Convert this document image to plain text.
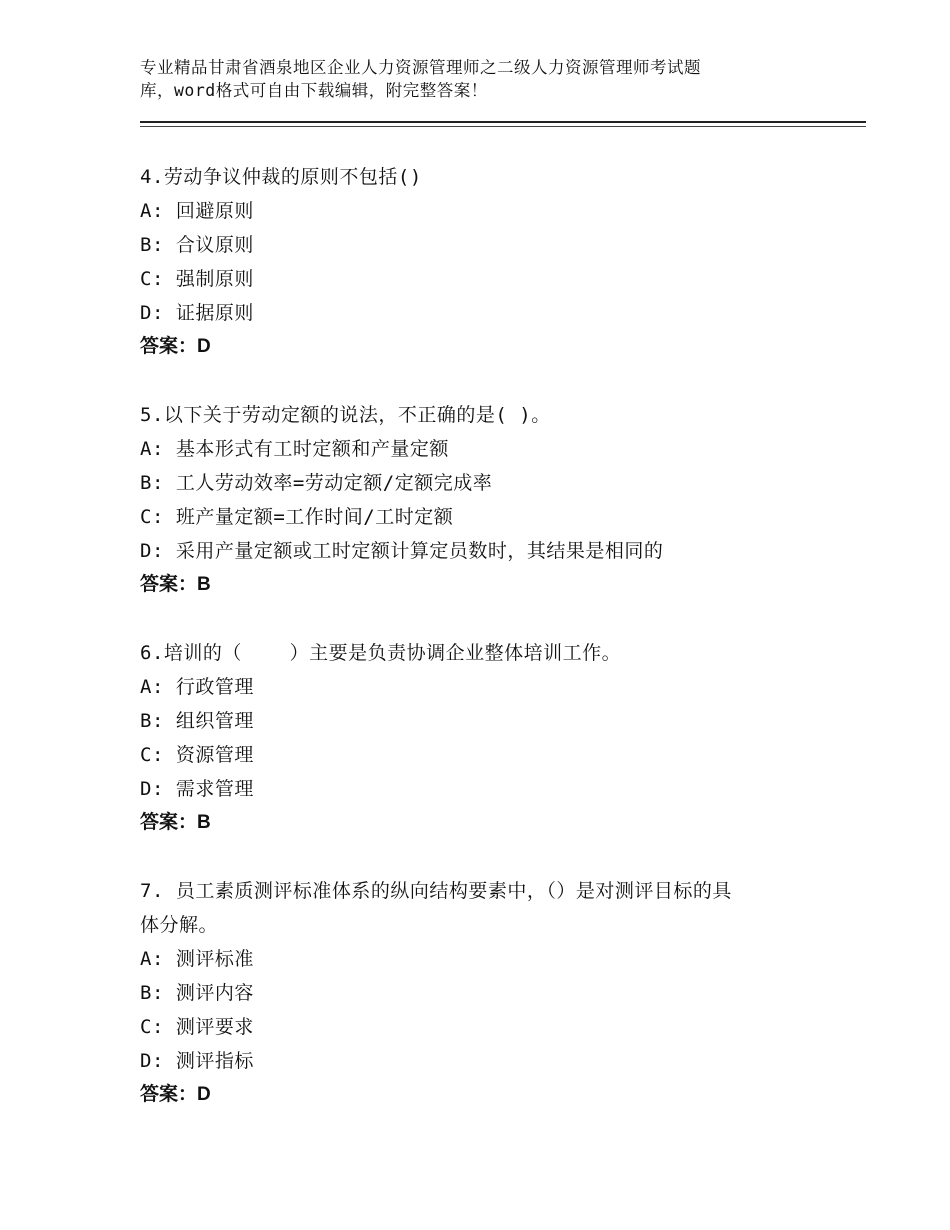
专业精品甘肃省酒泉地区企业人力资源管理师之二级人力资源管理师考试题
库，word格式可自由下载编辑，附完整答案！
4.劳动争议仲裁的原则不包括()
A: 回避原则
B: 合议原则
C: 强制原则
D: 证据原则
答案：D
5.以下关于劳动定额的说法，不正确的是( )。
A: 基本形式有工时定额和产量定额
B: 工人劳动效率=劳动定额/定额完成率
C: 班产量定额=工作时间/工时定额
D: 采用产量定额或工时定额计算定员数时，其结果是相同的
答案：B
6.培训的（    ）主要是负责协调企业整体培训工作。
A: 行政管理
B: 组织管理
C: 资源管理
D: 需求管理
答案：B
7. 员工素质测评标准体系的纵向结构要素中，（）是对测评目标的具
体分解。
A: 测评标准
B: 测评内容
C: 测评要求
D: 测评指标
答案：D
